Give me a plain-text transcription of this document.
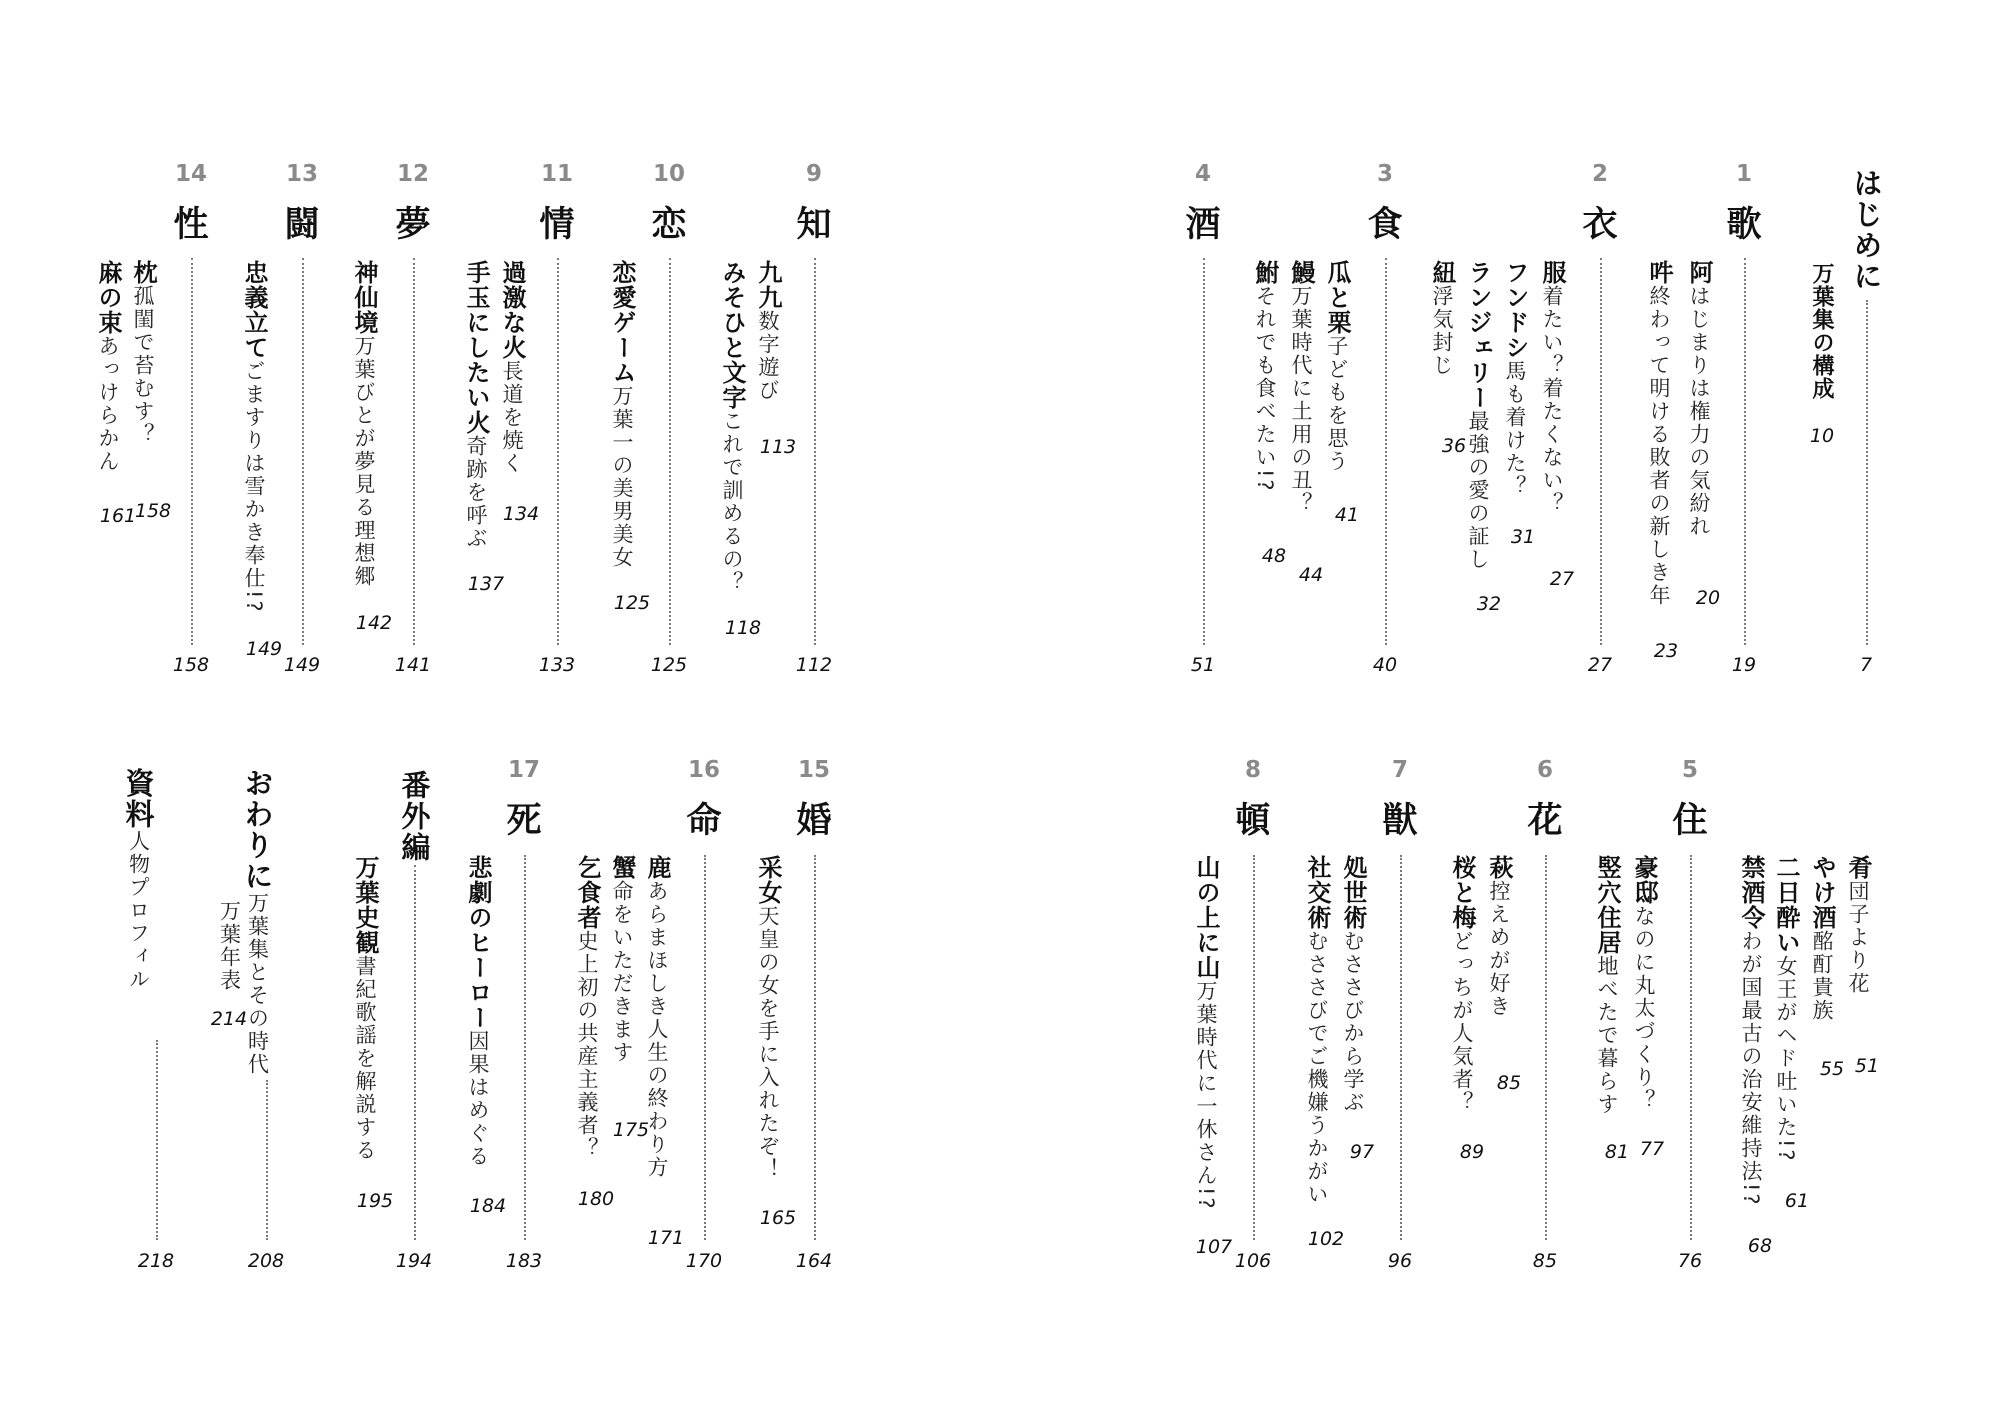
はじめに
万葉集の構成
10
7
1
歌
19
阿はじまりは権力の気紛れ
20
吽終わって明ける敗者の新しき年
23
2
衣
27
服着たい？着たくない？
27
フンドシ馬も着けた？
31
ランジェリー最強の愛の証し
32
紐浮気封じ
36
3
食
40
瓜と栗子どもを思う
41
鰻万葉時代に土用の丑？
44
鮒それでも食べたい!?
48
4
酒
51
肴団子より花
51
やけ酒酩酊貴族
55
二日酔い女王がヘド吐いた!?
61
禁酒令わが国最古の治安維持法!?
68
5
住
76
豪邸なのに丸太づくり？
77
竪穴住居地べたで暮らす
81
6
花
85
萩控えめが好き
85
桜と梅どっちが人気者？
89
7
獣
96
処世術むささびから学ぶ
97
社交術むささびでご機嫌うかがい
102
8
頓
106
山の上に山万葉時代に一休さん!?
107
9
知
112
九九数字遊び
113
みそひと文字これで訓めるの？
118
10
恋
125
恋愛ゲーム万葉一の美男美女
125
11
情
133
過激な火長道を焼く
134
手玉にしたい火奇跡を呼ぶ
137
12
夢
141
神仙境万葉びとが夢見る理想郷
142
13
闘
149
忠義立てごますりは雪かき奉仕!?
149
14
性
158
枕孤閨で苔むす？
158
麻の束あっけらかん
161
15
婚
164
采女天皇の女を手に入れたぞ！
165
16
命
170
鹿あらまほしき人生の終わり方
171
蟹命をいただきます
175
乞食者史上初の共産主義者？
180
17
死
183
悲劇のヒーロー因果はめぐる
184
番外編
194
万葉史観書紀歌謡を解説する
195
おわりに万葉集とその時代
万葉年表
214
208
資料人物プロフィル
218
